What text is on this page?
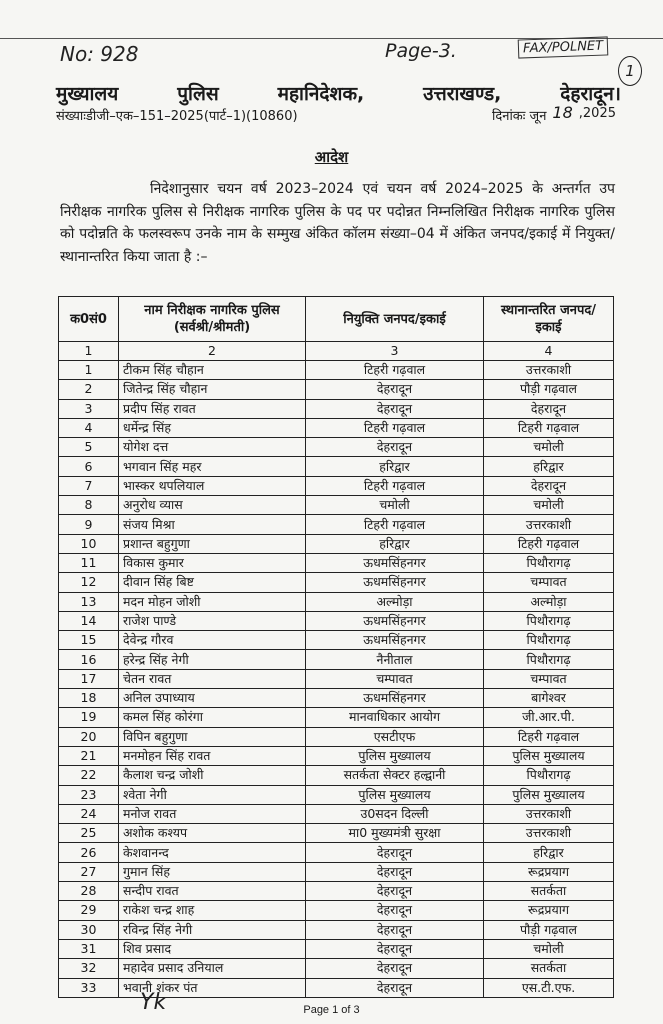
No: 928	Page-3.	FAX/POLNET
1
मुख्यालय	पुलिस	महानिदेशक,	उत्तराखण्ड,	देहरादून।
संख्याःडीजी–एक–151–2025(पार्ट–1)(10860)	दिनांकः जून 18 ,2025
आदेश
निदेशानुसार चयन वर्ष 2023–2024 एवं चयन वर्ष 2024–2025 के अन्तर्गत उप निरीक्षक नागरिक पुलिस से निरीक्षक नागरिक पुलिस के पद पर पदोन्नत निम्नलिखित निरीक्षक नागरिक पुलिस को पदोन्नति के फलस्वरूप उनके नाम के सम्मुख अंकित कॉलम संख्या–04 में अंकित जनपद/इकाई में नियुक्त/स्थानान्तरित किया जाता है :–
क0सं0	नाम निरीक्षक नागरिक पुलिस (सर्वश्री/श्रीमती)	नियुक्ति जनपद/इकाई	स्थानान्तरित जनपद/इकाई
1	2	3	4
1	टीकम सिंह चौहान	टिहरी गढ़वाल	उत्तरकाशी
2	जितेन्द्र सिंह चौहान	देहरादून	पौड़ी गढ़वाल
3	प्रदीप सिंह रावत	देहरादून	देहरादून
4	धर्मेन्द्र सिंह	टिहरी गढ़वाल	टिहरी गढ़वाल
5	योगेश दत्त	देहरादून	चमोली
6	भगवान सिंह महर	हरिद्वार	हरिद्वार
7	भास्कर थपलियाल	टिहरी गढ़वाल	देहरादून
8	अनुरोध व्यास	चमोली	चमोली
9	संजय मिश्रा	टिहरी गढ़वाल	उत्तरकाशी
10	प्रशान्त बहुगुणा	हरिद्वार	टिहरी गढ़वाल
11	विकास कुमार	ऊधमसिंहनगर	पिथौरागढ़
12	दीवान सिंह बिष्ट	ऊधमसिंहनगर	चम्पावत
13	मदन मोहन जोशी	अल्मोड़ा	अल्मोड़ा
14	राजेश पाण्डे	ऊधमसिंहनगर	पिथौरागढ़
15	देवेन्द्र गौरव	ऊधमसिंहनगर	पिथौरागढ़
16	हरेन्द्र सिंह नेगी	नैनीताल	पिथौरागढ़
17	चेतन रावत	चम्पावत	चम्पावत
18	अनिल उपाध्याय	ऊधमसिंहनगर	बागेश्वर
19	कमल सिंह कोरंगा	मानवाधिकार आयोग	जी.आर.पी.
20	विपिन बहुगुणा	एसटीएफ	टिहरी गढ़वाल
21	मनमोहन सिंह रावत	पुलिस मुख्यालय	पुलिस मुख्यालय
22	कैलाश चन्द्र जोशी	सतर्कता सेक्टर हल्द्वानी	पिथौरागढ़
23	श्वेता नेगी	पुलिस मुख्यालय	पुलिस मुख्यालय
24	मनोज रावत	उ0सदन दिल्ली	उत्तरकाशी
25	अशोक कश्यप	मा0 मुख्यमंत्री सुरक्षा	उत्तरकाशी
26	केशवानन्द	देहरादून	हरिद्वार
27	गुमान सिंह	देहरादून	रूद्रप्रयाग
28	सन्दीप रावत	देहरादून	सतर्कता
29	राकेश चन्द्र शाह	देहरादून	रूद्रप्रयाग
30	रविन्द्र सिंह नेगी	देहरादून	पौड़ी गढ़वाल
31	शिव प्रसाद	देहरादून	चमोली
32	महादेव प्रसाद उनियाल	देहरादून	सतर्कता
33	भवानी शंकर पंत	देहरादून	एस.टी.एफ.
Yk	Page 1 of 3
